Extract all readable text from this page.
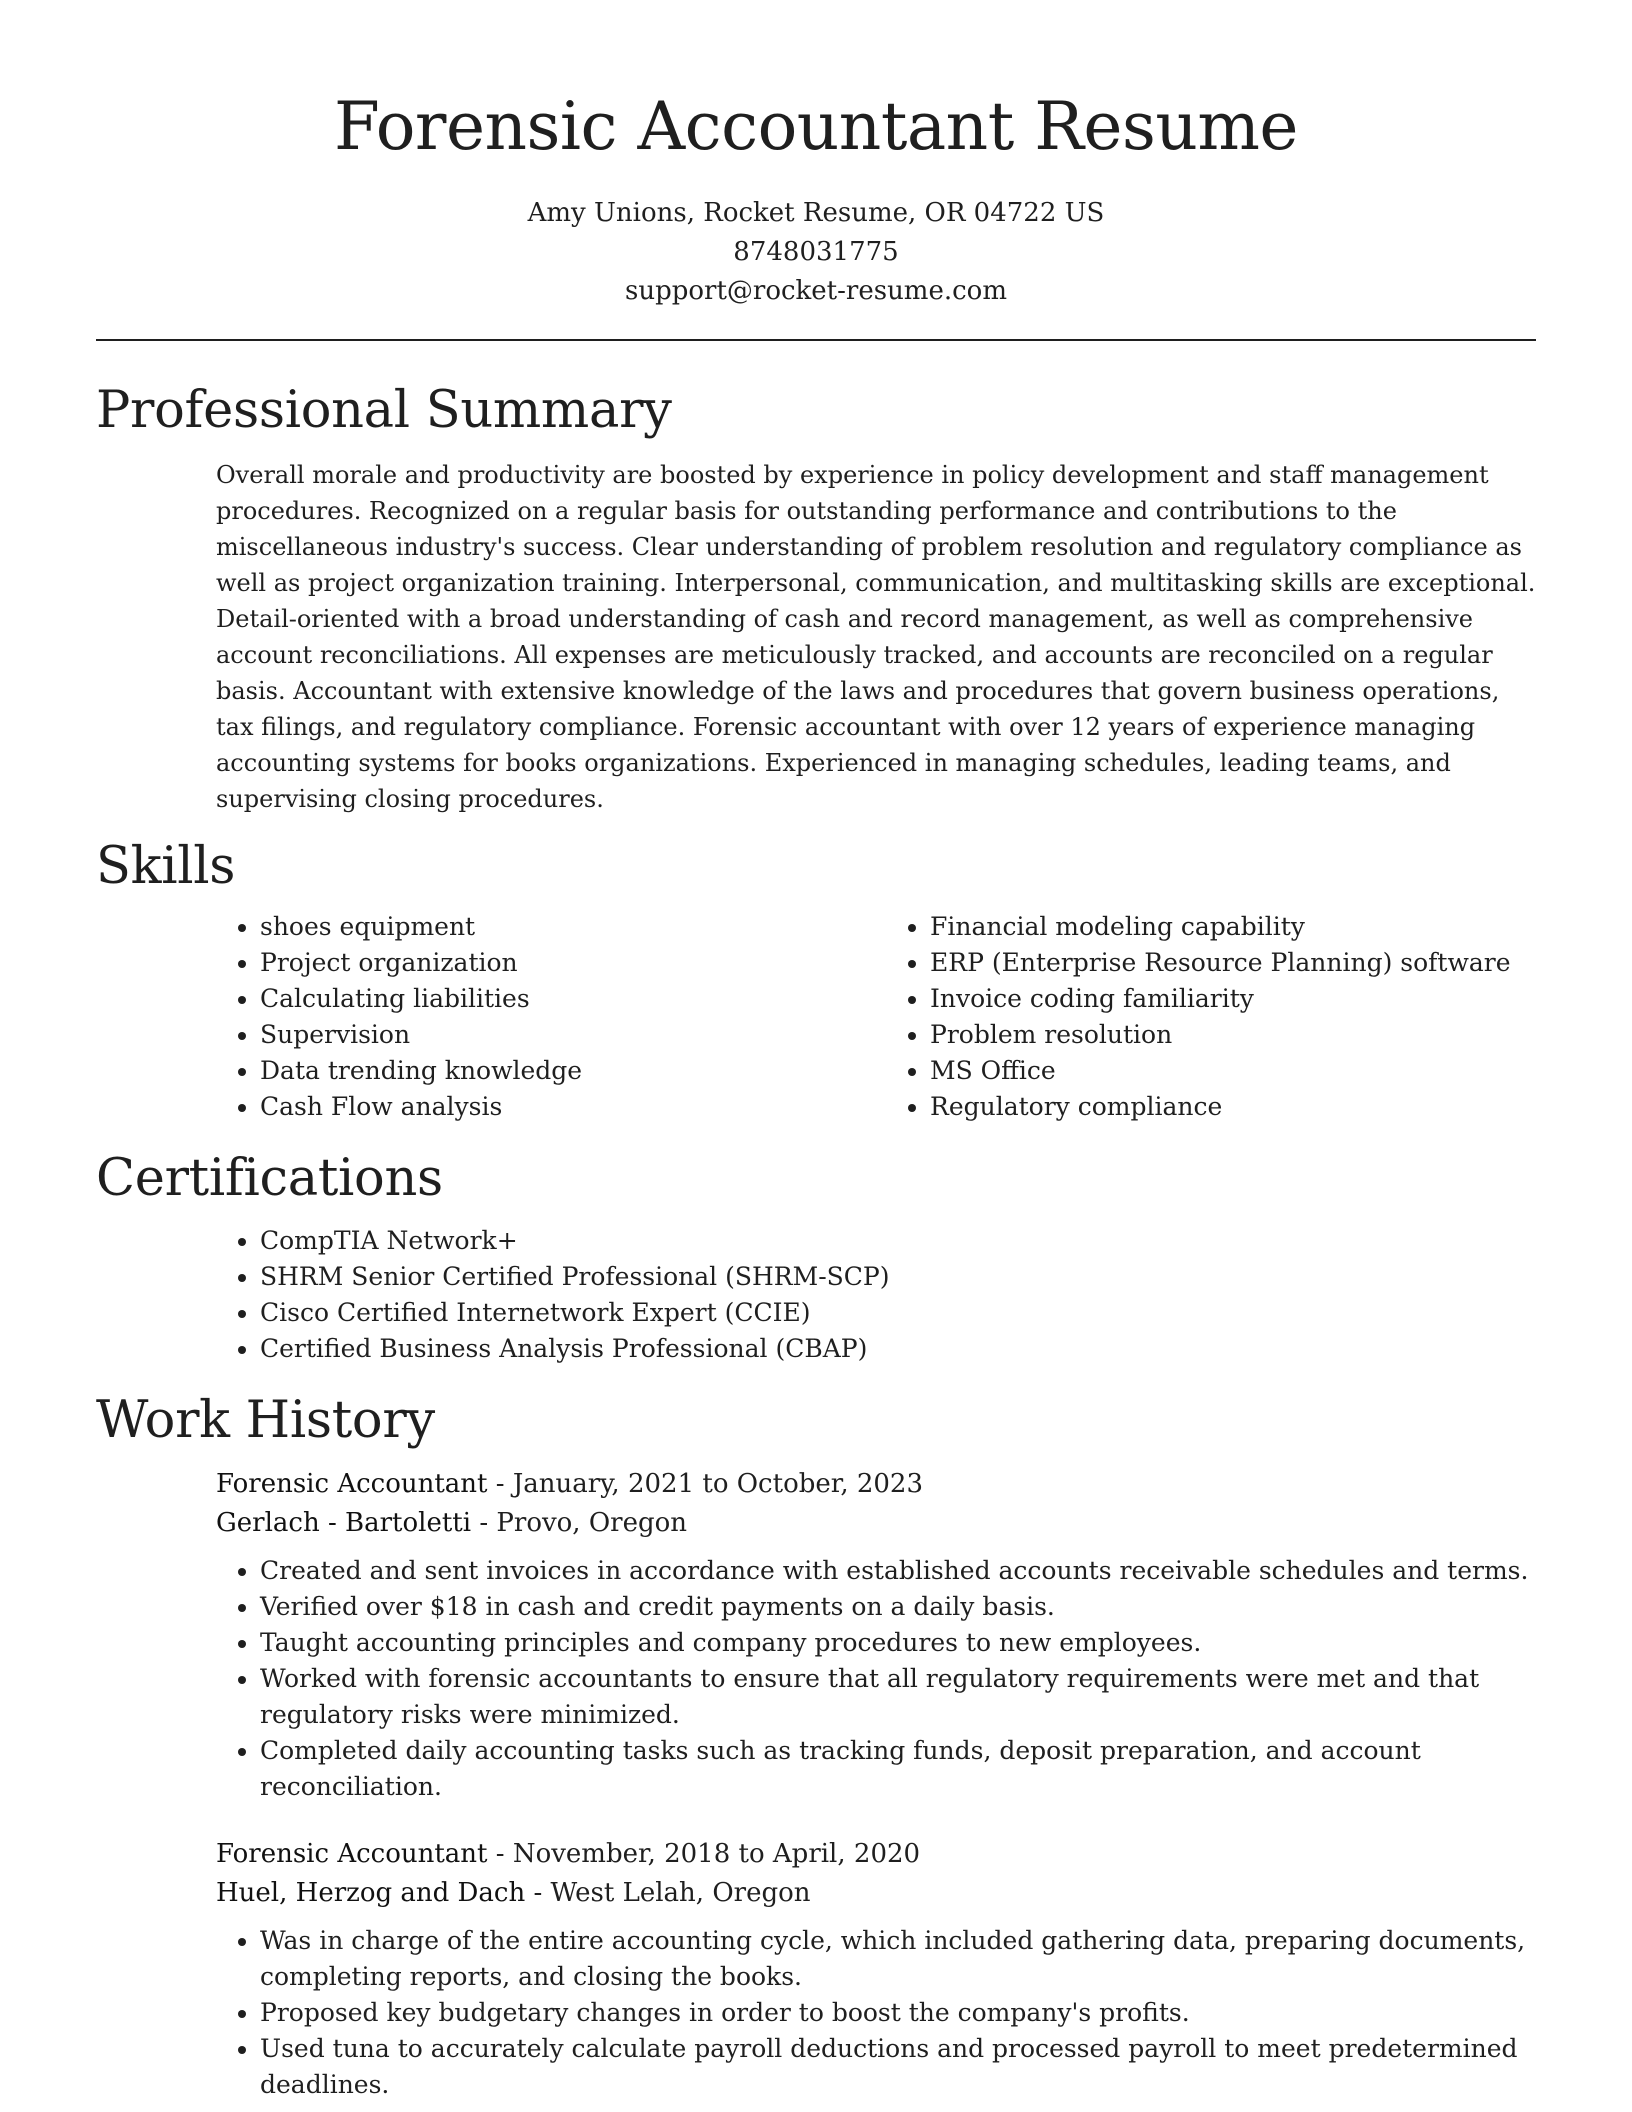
Forensic Accountant Resume
Amy Unions, Rocket Resume, OR 04722 US
8748031775
support@rocket-resume.com
Professional Summary
Overall morale and productivity are boosted by experience in policy development and staff management procedures. Recognized on a regular basis for outstanding performance and contributions to the miscellaneous industry's success. Clear understanding of problem resolution and regulatory compliance as well as project organization training. Interpersonal, communication, and multitasking skills are exceptional. Detail-oriented with a broad understanding of cash and record management, as well as comprehensive account reconciliations. All expenses are meticulously tracked, and accounts are reconciled on a regular basis. Accountant with extensive knowledge of the laws and procedures that govern business operations, tax filings, and regulatory compliance. Forensic accountant with over 12 years of experience managing accounting systems for books organizations. Experienced in managing schedules, leading teams, and supervising closing procedures.
Skills
• shoes equipment
• Project organization
• Calculating liabilities
• Supervision
• Data trending knowledge
• Cash Flow analysis
• Financial modeling capability
• ERP (Enterprise Resource Planning) software
• Invoice coding familiarity
• Problem resolution
• MS Office
• Regulatory compliance
Certifications
• CompTIA Network+
• SHRM Senior Certified Professional (SHRM-SCP)
• Cisco Certified Internetwork Expert (CCIE)
• Certified Business Analysis Professional (CBAP)
Work History
Forensic Accountant - January, 2021 to October, 2023
Gerlach - Bartoletti - Provo, Oregon
• Created and sent invoices in accordance with established accounts receivable schedules and terms.
• Verified over $18 in cash and credit payments on a daily basis.
• Taught accounting principles and company procedures to new employees.
• Worked with forensic accountants to ensure that all regulatory requirements were met and that regulatory risks were minimized.
• Completed daily accounting tasks such as tracking funds, deposit preparation, and account reconciliation.
Forensic Accountant - November, 2018 to April, 2020
Huel, Herzog and Dach - West Lelah, Oregon
• Was in charge of the entire accounting cycle, which included gathering data, preparing documents, completing reports, and closing the books.
• Proposed key budgetary changes in order to boost the company's profits.
• Used tuna to accurately calculate payroll deductions and processed payroll to meet predetermined deadlines.
